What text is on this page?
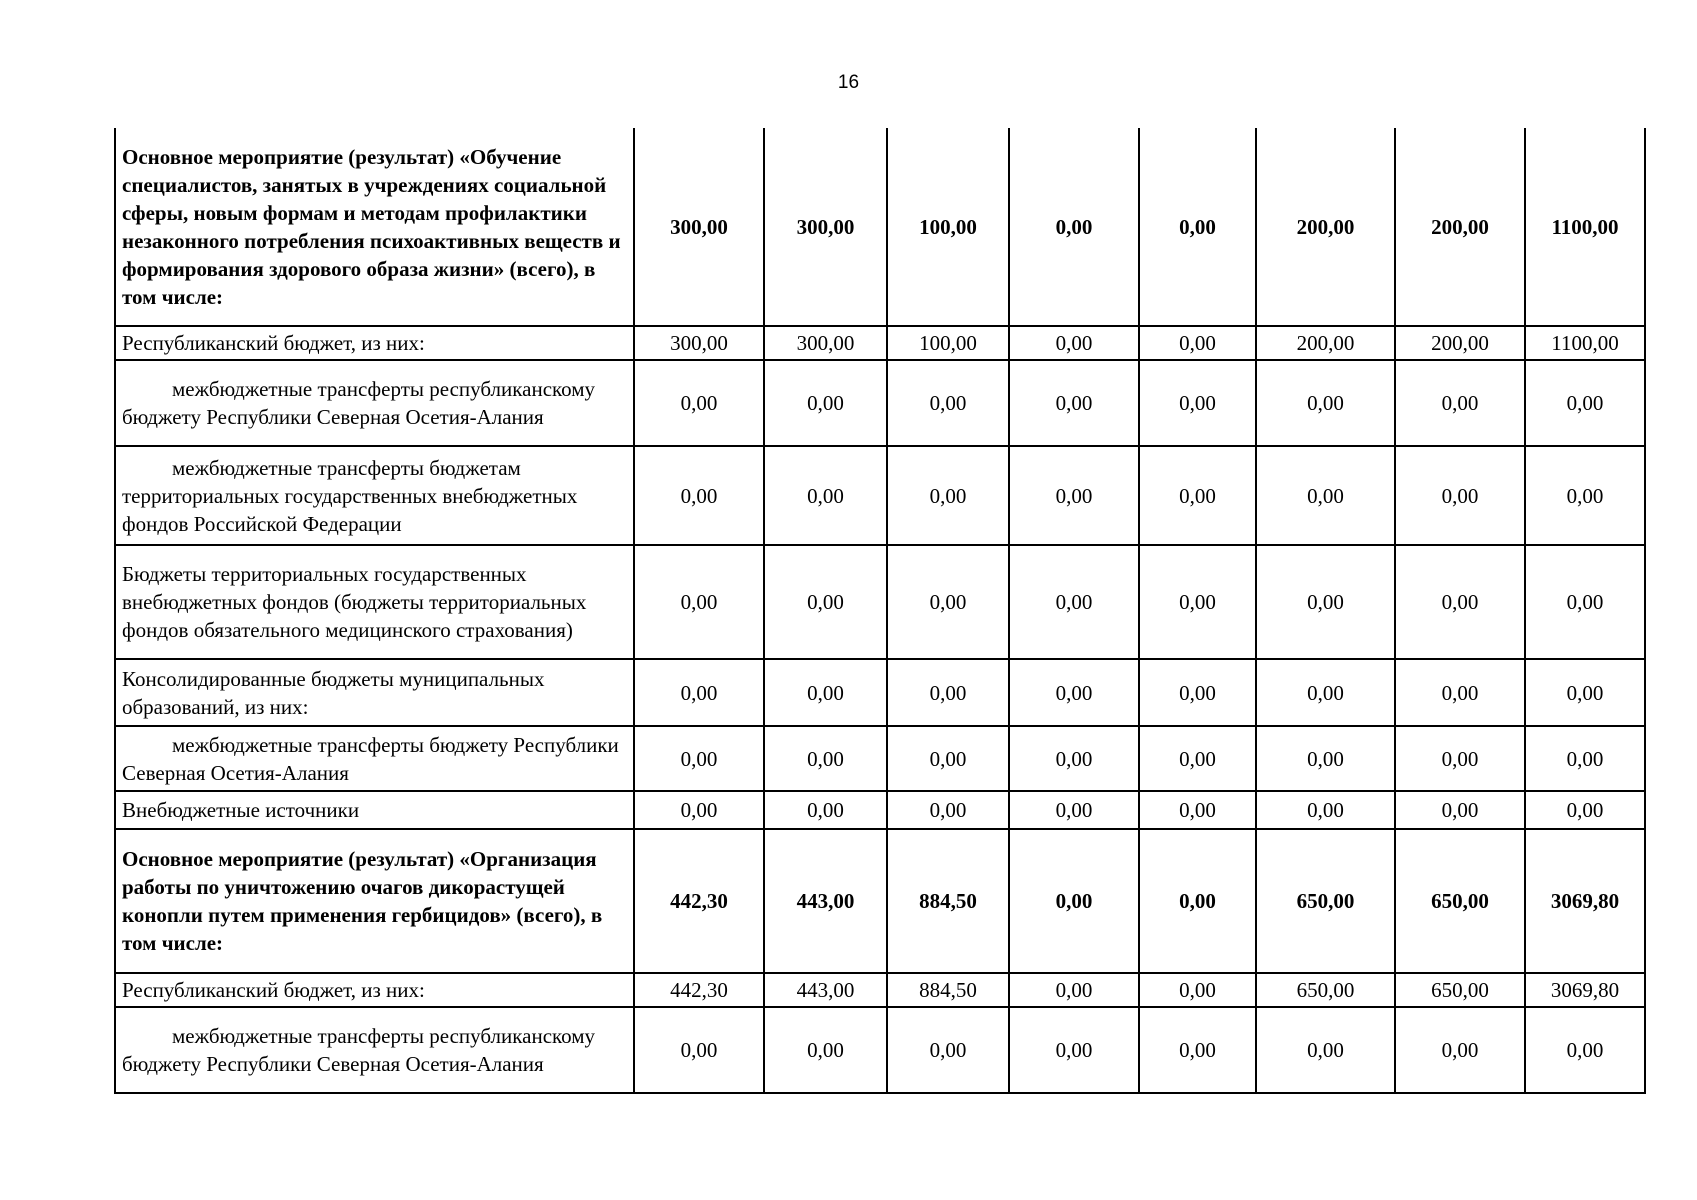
16
Основное мероприятие (результат) «Обучение специалистов, занятых в учреждениях социальной сферы, новым формам и методам профилактики незаконного потребления психоактивных веществ и формирования здорового образа жизни» (всего), в том числе:	300,00	300,00	100,00	0,00	0,00	200,00	200,00	1100,00
Республиканский бюджет, из них:	300,00	300,00	100,00	0,00	0,00	200,00	200,00	1100,00
межбюджетные трансферты республиканскому бюджету Республики Северная Осетия-Алания	0,00	0,00	0,00	0,00	0,00	0,00	0,00	0,00
межбюджетные трансферты бюджетам территориальных государственных внебюджетных фондов Российской Федерации	0,00	0,00	0,00	0,00	0,00	0,00	0,00	0,00
Бюджеты территориальных государственных внебюджетных фондов (бюджеты территориальных фондов обязательного медицинского страхования)	0,00	0,00	0,00	0,00	0,00	0,00	0,00	0,00
Консолидированные бюджеты муниципальных образований, из них:	0,00	0,00	0,00	0,00	0,00	0,00	0,00	0,00
межбюджетные трансферты бюджету Республики Северная Осетия-Алания	0,00	0,00	0,00	0,00	0,00	0,00	0,00	0,00
Внебюджетные источники	0,00	0,00	0,00	0,00	0,00	0,00	0,00	0,00
Основное мероприятие (результат) «Организация работы по уничтожению очагов дикорастущей конопли путем применения гербицидов» (всего), в том числе:	442,30	443,00	884,50	0,00	0,00	650,00	650,00	3069,80
Республиканский бюджет, из них:	442,30	443,00	884,50	0,00	0,00	650,00	650,00	3069,80
межбюджетные трансферты республиканскому бюджету Республики Северная Осетия-Алания	0,00	0,00	0,00	0,00	0,00	0,00	0,00	0,00
